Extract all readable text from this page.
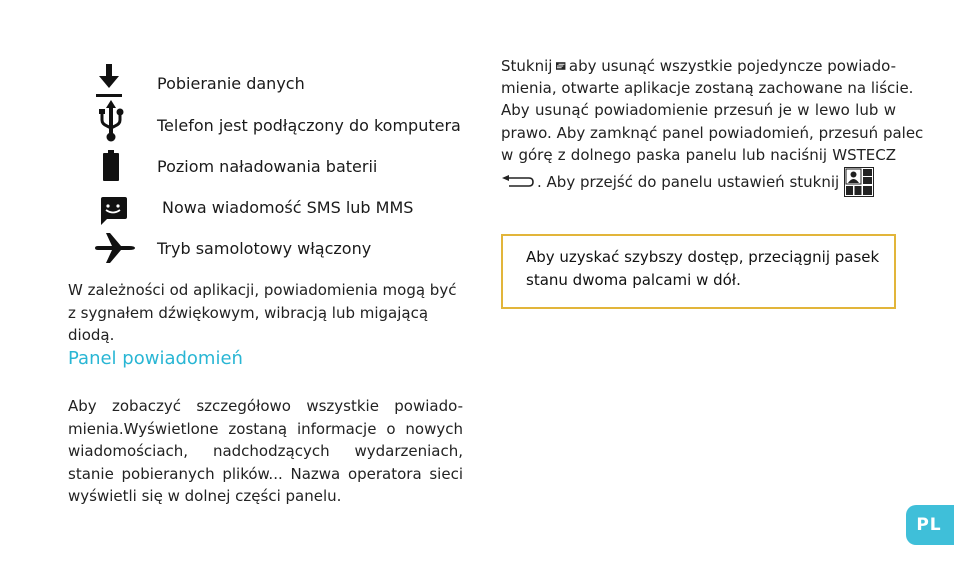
Pobieranie danych
Telefon jest podłączony do komputera
Poziom naładowania baterii
Nowa wiadomość SMS lub MMS
Tryb samolotowy włączony
W zależności od aplikacji, powiadomienia mogą być z sygnałem dźwiękowym, wibracją lub migającą diodą.
Panel powiadomień
Aby zobaczyć szczegółowo wszystkie powiado-mienia.Wyświetlone zostaną informacje o nowych wiadomościach, nadchodzących wydarzeniach, stanie pobieranych plików... Nazwa operatora sieci wyświetli się w dolnej części panelu.
Stuknij aby usunąć wszystkie pojedyncze powiado-
mienia, otwarte aplikacje zostaną zachowane na liście.
Aby usunąć powiadomienie przesuń je w lewo lub w
prawo. Aby zamknąć panel powiadomień, przesuń palec
w górę z dolnego paska panelu lub naciśnij WSTECZ
. Aby przejść do panelu ustawień stuknij
Aby uzyskać szybszy dostęp, przeciągnij pasek stanu dwoma palcami w dół.
PL
